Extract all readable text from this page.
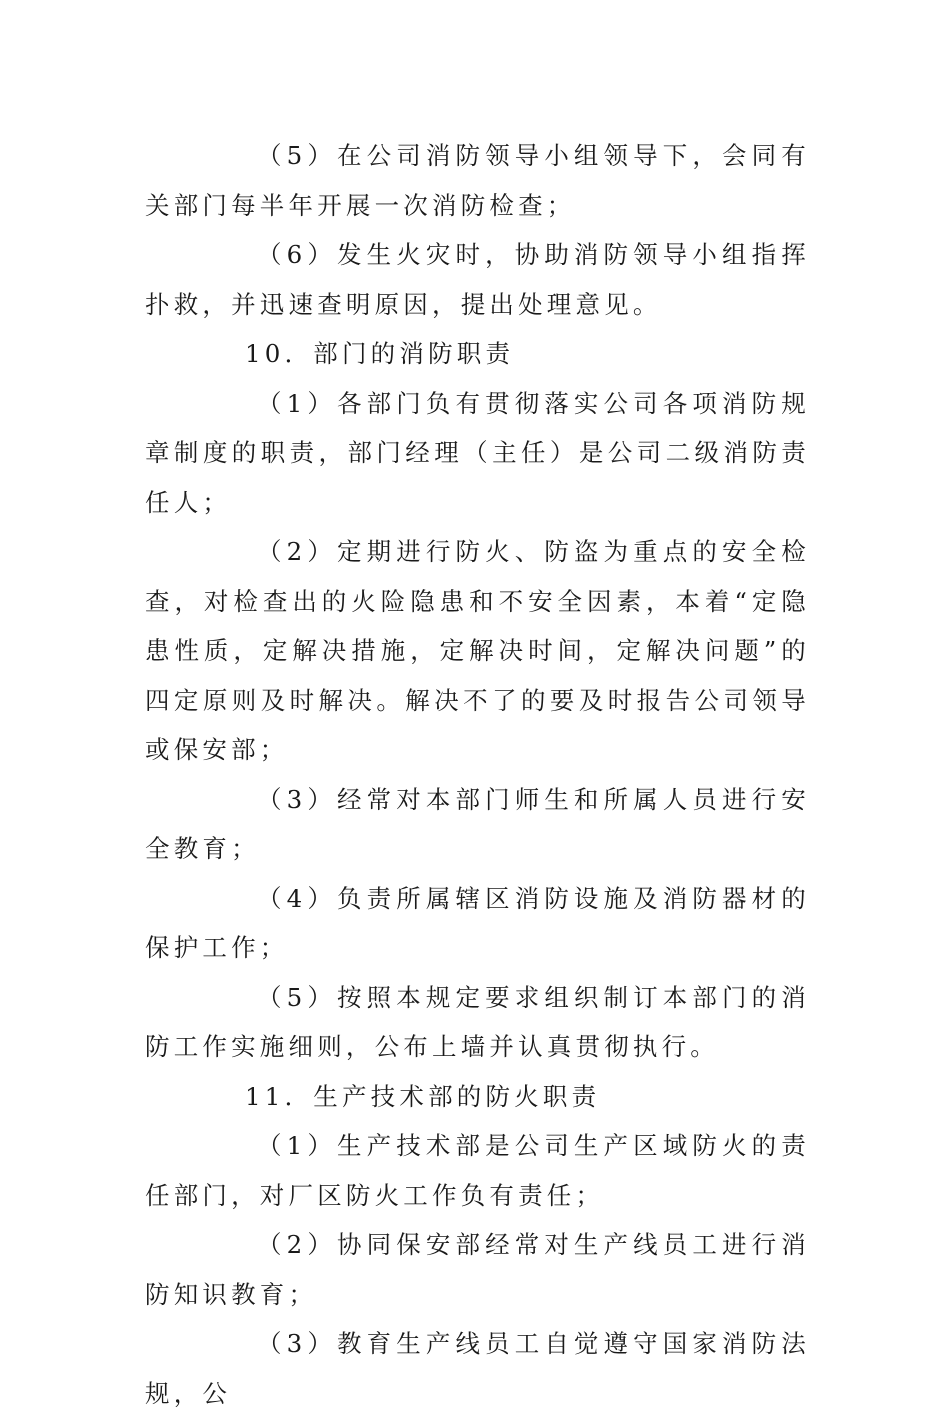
（5）在公司消防领导小组领导下，会同有关部门每半年开展一次消防检查；

（6）发生火灾时，协助消防领导小组指挥扑救，并迅速查明原因，提出处理意见。

10．部门的消防职责

（1）各部门负有贯彻落实公司各项消防规章制度的职责，部门经理（主任）是公司二级消防责任人；

（2）定期进行防火、防盗为重点的安全检查，对检查出的火险隐患和不安全因素，本着“定隐患性质，定解决措施，定解决时间，定解决问题”的四定原则及时解决。解决不了的要及时报告公司领导或保安部；

（3）经常对本部门师生和所属人员进行安全教育；

（4）负责所属辖区消防设施及消防器材的保护工作；

（5）按照本规定要求组织制订本部门的消防工作实施细则，公布上墙并认真贯彻执行。

11．生产技术部的防火职责

（1）生产技术部是公司生产区域防火的责任部门，对厂区防火工作负有责任；

（2）协同保安部经常对生产线员工进行消防知识教育；

（3）教育生产线员工自觉遵守国家消防法规，公
